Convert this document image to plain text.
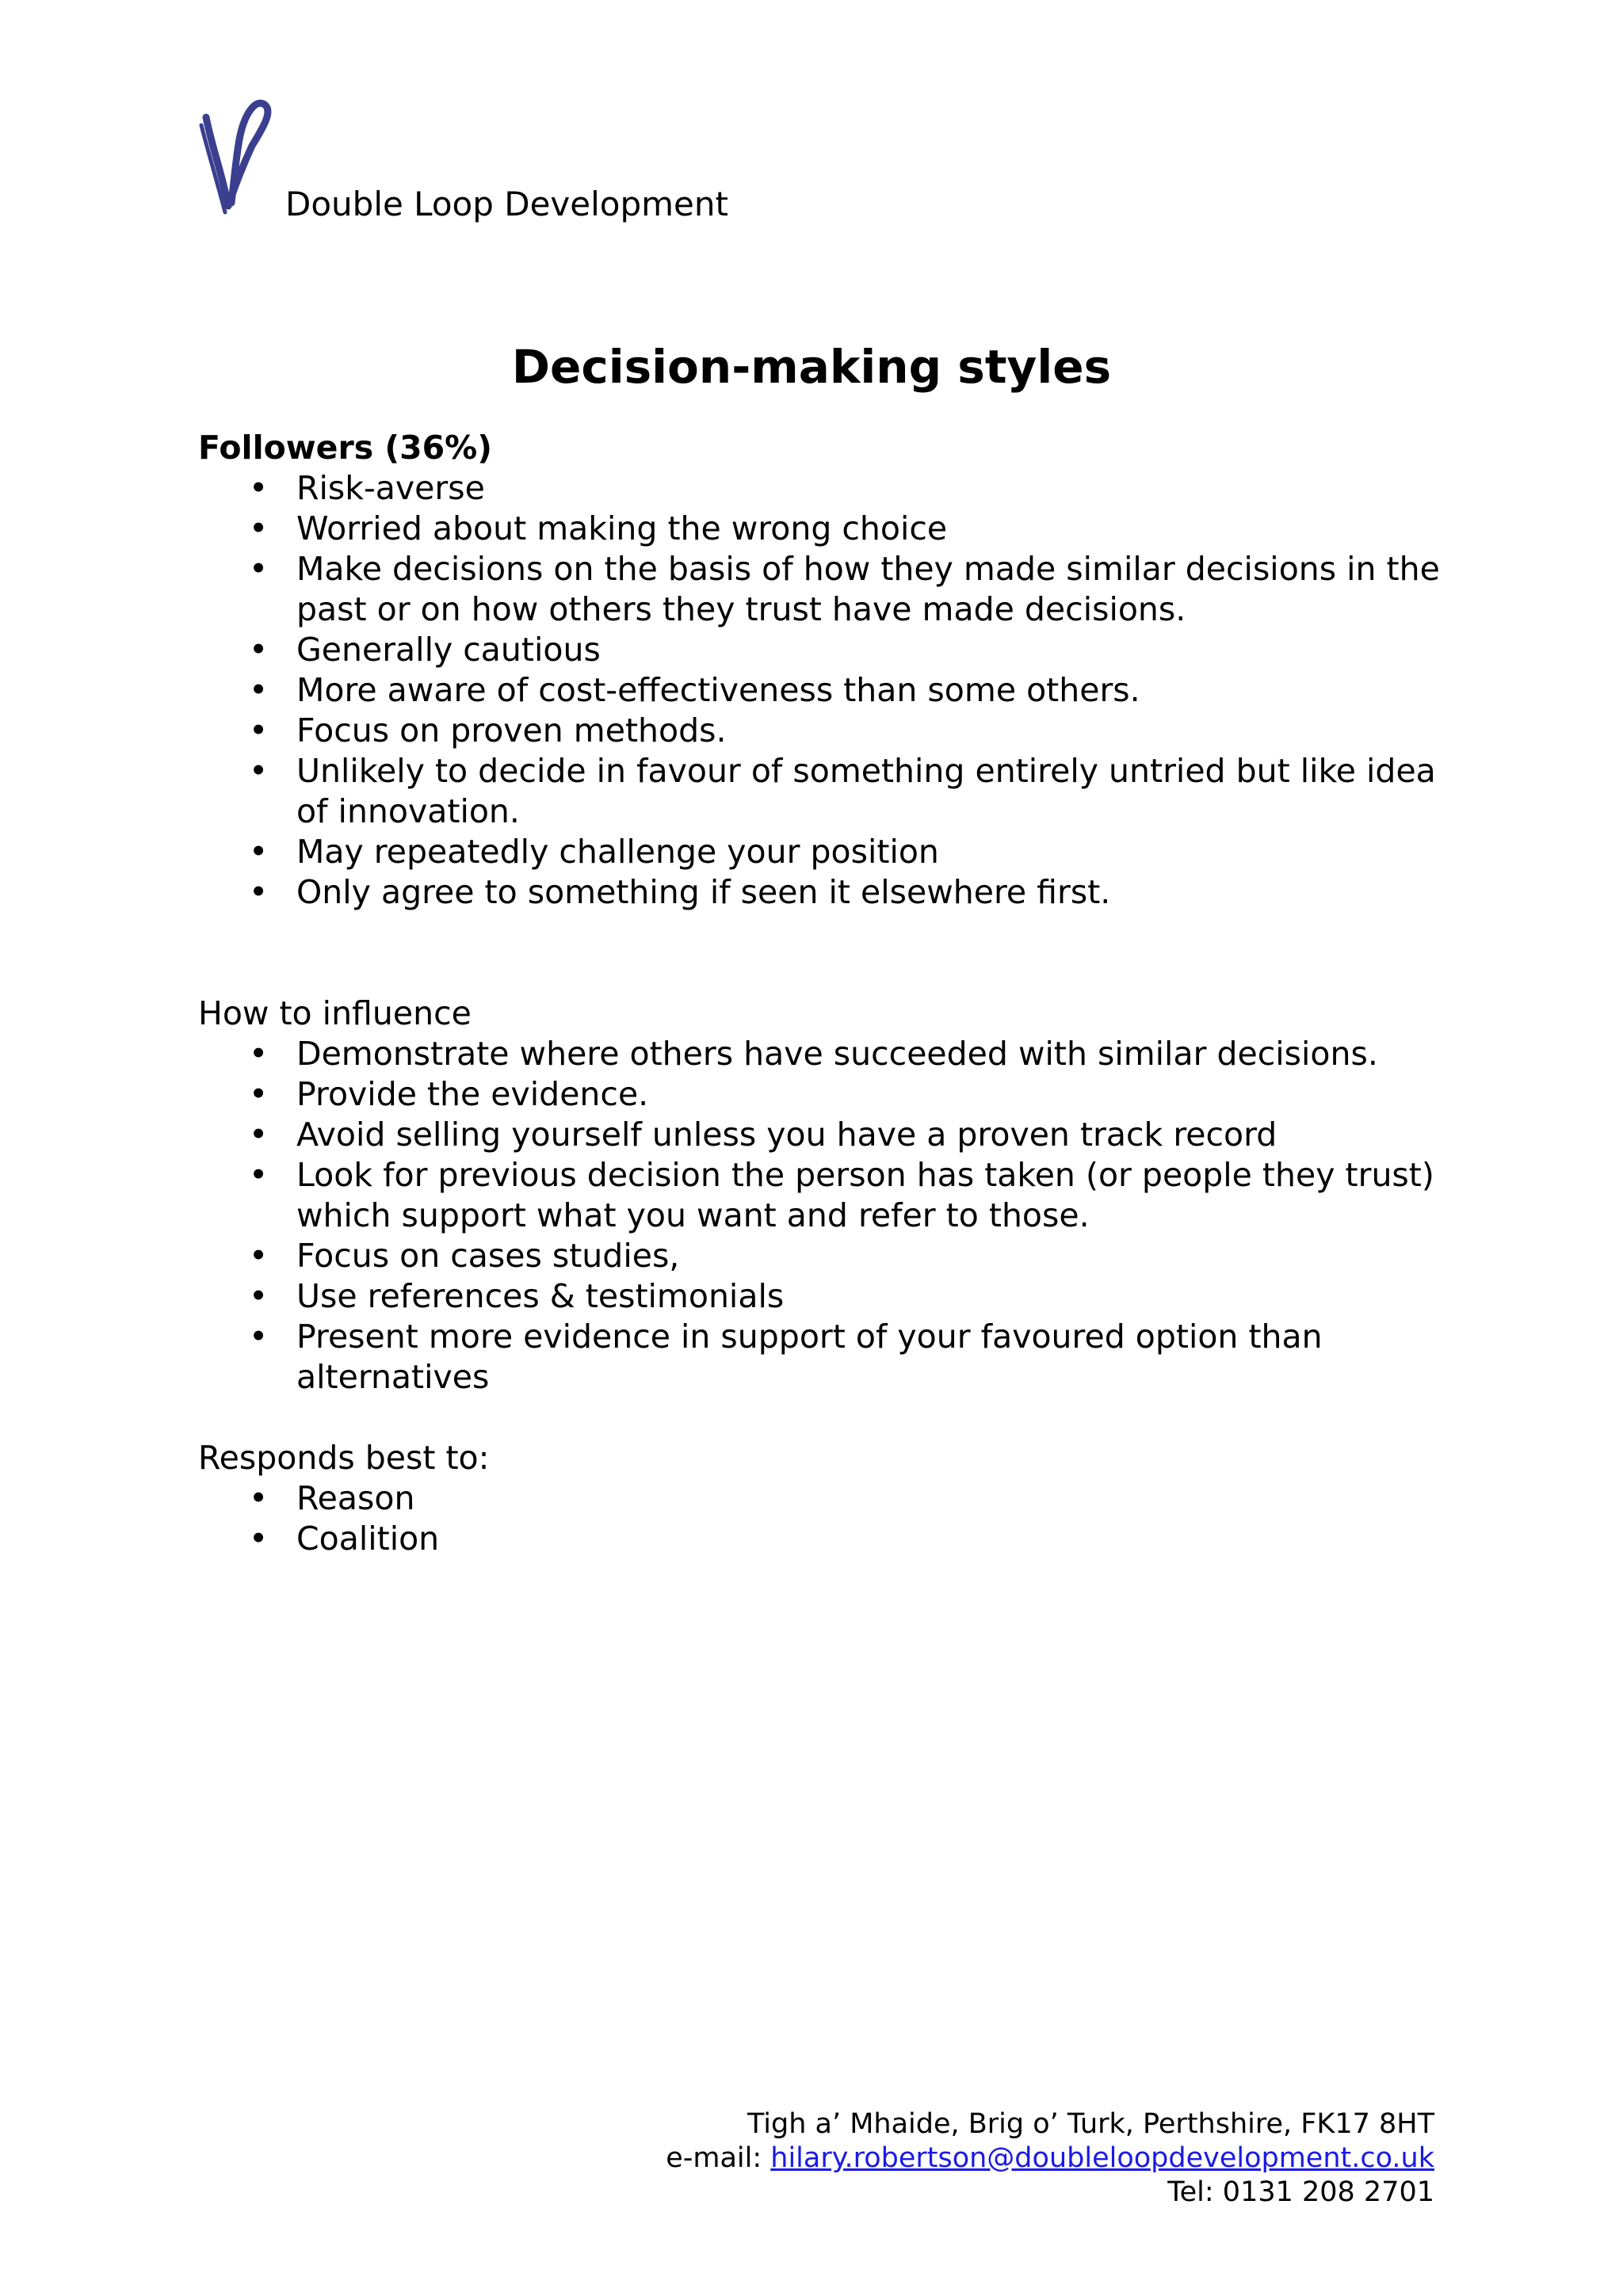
Double Loop Development
Decision-making styles

Followers (36%)

• Risk-averse
• Worried about making the wrong choice
• Make decisions on the basis of how they made similar decisions in the past or on how others they trust have made decisions.
• Generally cautious
• More aware of cost-effectiveness than some others.
• Focus on proven methods.
• Unlikely to decide in favour of something entirely untried but like idea of innovation.
• May repeatedly challenge your position
• Only agree to something if seen it elsewhere first.

How to influence

• Demonstrate where others have succeeded with similar decisions.
• Provide the evidence.
• Avoid selling yourself unless you have a proven track record
• Look for previous decision the person has taken (or people they trust) which support what you want and refer to those.
• Focus on cases studies,
• Use references & testimonials
• Present more evidence in support of your favoured option than alternatives

Responds best to:

• Reason
• Coalition
Tigh a’ Mhaide, Brig o’ Turk, Perthshire, FK17 8HT
e-mail: hilary.robertson@doubleloopdevelopment.co.uk
Tel: 0131 208 2701
